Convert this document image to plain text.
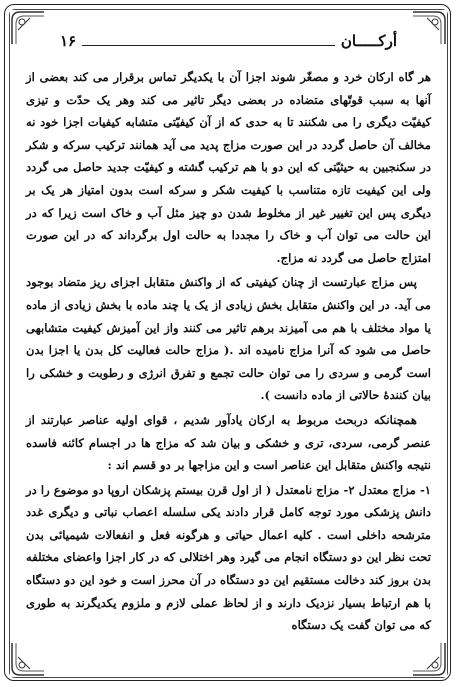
أركـــــان
١۶

هر گاه ارکان خرد و مصغّر شوند اجزا آن با یکدیگر تماس برقرار می کند بعضی از آنها به سبب قوتّهای متضاده در بعضی دیگر تاثیر می کند وهر یک حدّت و تیزی کیفیّت دیگری را می شکنند تا به حدی که از آن کیفیّتی متشابه کیفیات اجزا خود نه مخالف آن حاصل گردد در این صورت مزاج پدید می آید همانند ترکیب سرکه و شکر در سکنجبین به حیثیّتی که این دو با هم ترکیب گشته و کیفیّت جدید حاصل می گردد ولی این کیفیت تازه متناسب با کیفیت شکر و سرکه است بدون امتیاز هر یک بر دیگری پس این تغییر غیر از مخلوط شدن دو چیز مثل آب و خاک است زیرا که در این حالت می توان آب و خاک را مجددا به حالت اول برگرداند که در این صورت امتزاج حاصل می گردد نه مزاج.

پس مزاج عبارتست از چنان کیفیتی که از واکنش متقابل اجزای ریز متضاد بوجود می آید. در این واکنش متقابل بخش زیادی از یک یا چند ماده با بخش زیادی از ماده یا مواد مختلف با هم می آمیزند برهم تاثیر می کنند واز این آمیزش کیفیت متشابهی حاصل می شود که آنرا مزاج نامیده اند .( مزاج حالت فعالیت کل بدن یا اجزا بدن است گرمی و سردی را می توان حالت تجمع و تفرق انرژی و رطوبت و خشکی را بیان کنندهٔ حالاتی از ماده دانست ).

همچنانکه دربحث مربوط به ارکان یادآور شدیم ، قوای اولیه عناصر عبارتند از عنصر گرمی، سردی، تری و خشکی و بیان شد که مزاج ها در اجسام کائنه فاسده نتیجه واکنش متقابل این عناصر است و این مزاجها بر دو قسم اند :

۱- مزاج معتدل ۲- مزاج نامعتدل ( از اول قرن بیستم پزشکان اروپا دو موضوع را در دانش پزشکی مورد توجه کامل قرار دادند یکی سلسله اعصاب نباتی و دیگری غدد مترشحه داخلی است . کلیه اعمال حیاتی و هرگونه فعل و انفعالات شیمیائی بدن تحت نظر این دو دستگاه انجام می گیرد وهر اختلالی که در کار اجزا واعضای مختلفه بدن بروز کند دخالت مستقیم این دو دستگاه در آن محرز است و خود این دو دستگاه با هم ارتباط بسیار نزدیک دارند و از لحاظ عملی لازم و ملزوم یکدیگرند به طوری که می توان گفت یک دستگاه
